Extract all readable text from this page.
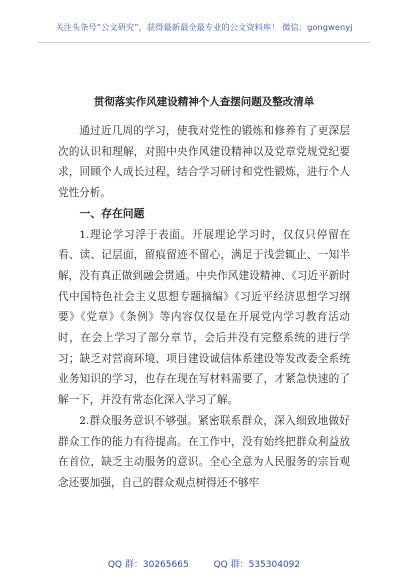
关注头条号“公文研究”，获得最新最全最专业的公文资料库！ 微信：gongwenyj
贯彻落实作风建设精神个人查摆问题及整改清单

通过近几周的学习，使我对党性的锻炼和修养有了更深层次的认识和理解，对照中央作风建设精神以及党章党规党纪要求，回顾个人成长过程，结合学习研讨和党性锻炼，进行个人党性分析。

一、存在问题

1.理论学习浮于表面。开展理论学习时，仅仅只停留在看、读、记层面，留痕留迹不留心，满足于浅尝辄止、一知半解，没有真正做到融会贯通。中央作风建设精神、《习近平新时代中国特色社会主义思想专题摘编》《习近平经济思想学习纲要》《党章》《条例》等内容仅仅是在开展党内学习教育活动时，在会上学习了部分章节，会后并没有完整系统的进行学习；缺乏对营商环境、项目建设诚信体系建设等发改委全系统业务知识的学习，也存在现在写材料需要了，才紧急快速的了解一下，并没有常态化深入学习了解。

2.群众服务意识不够强。紧密联系群众，深入细致地做好群众工作的能力有待提高。在工作中，没有始终把群众利益放在首位，缺乏主动服务的意识。全心全意为人民服务的宗旨观念还要加强，自己的群众观点树得还不够牢

QQ 群：30265665	QQ 群：535304092
